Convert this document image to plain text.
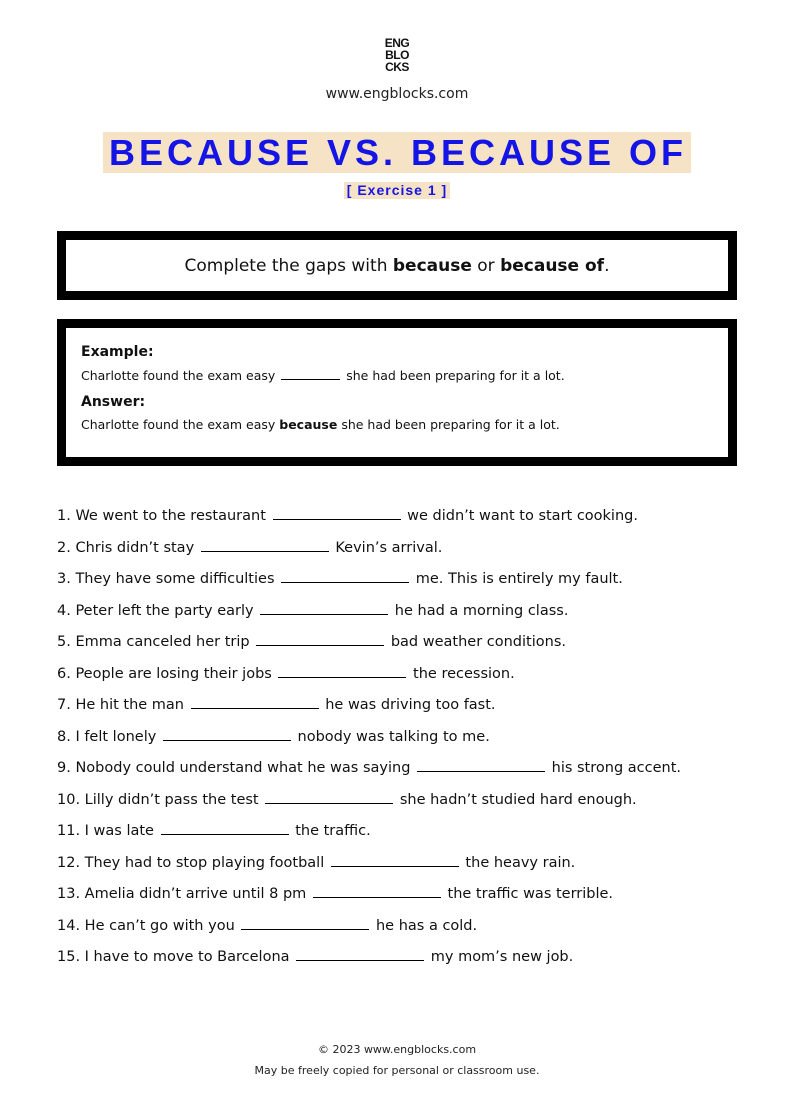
ENG
BLO
CKS
www.engblocks.com
BECAUSE VS. BECAUSE OF
[ Exercise 1 ]
Complete the gaps with because or because of.

Example:

Charlotte found the exam easy	she had been preparing for it a lot.

Answer:

Charlotte found the exam easy because she had been preparing for it a lot.

1. We went to the restaurant	we didn’t want to start cooking.
2. Chris didn’t stay	Kevin’s arrival.
3. They have some difficulties	me. This is entirely my fault.
4. Peter left the party early	he had a morning class.
5. Emma canceled her trip	bad weather conditions.
6. People are losing their jobs	the recession.
7. He hit the man	he was driving too fast.
8. I felt lonely	nobody was talking to me.
9. Nobody could understand what he was saying	his strong accent.
10. Lilly didn’t pass the test	she hadn’t studied hard enough.
11. I was late	the traffic.
12. They had to stop playing football	the heavy rain.
13. Amelia didn’t arrive until 8 pm	the traffic was terrible.
14. He can’t go with you	he has a cold.
15. I have to move to Barcelona	my mom’s new job.
© 2023 www.engblocks.com
May be freely copied for personal or classroom use.
